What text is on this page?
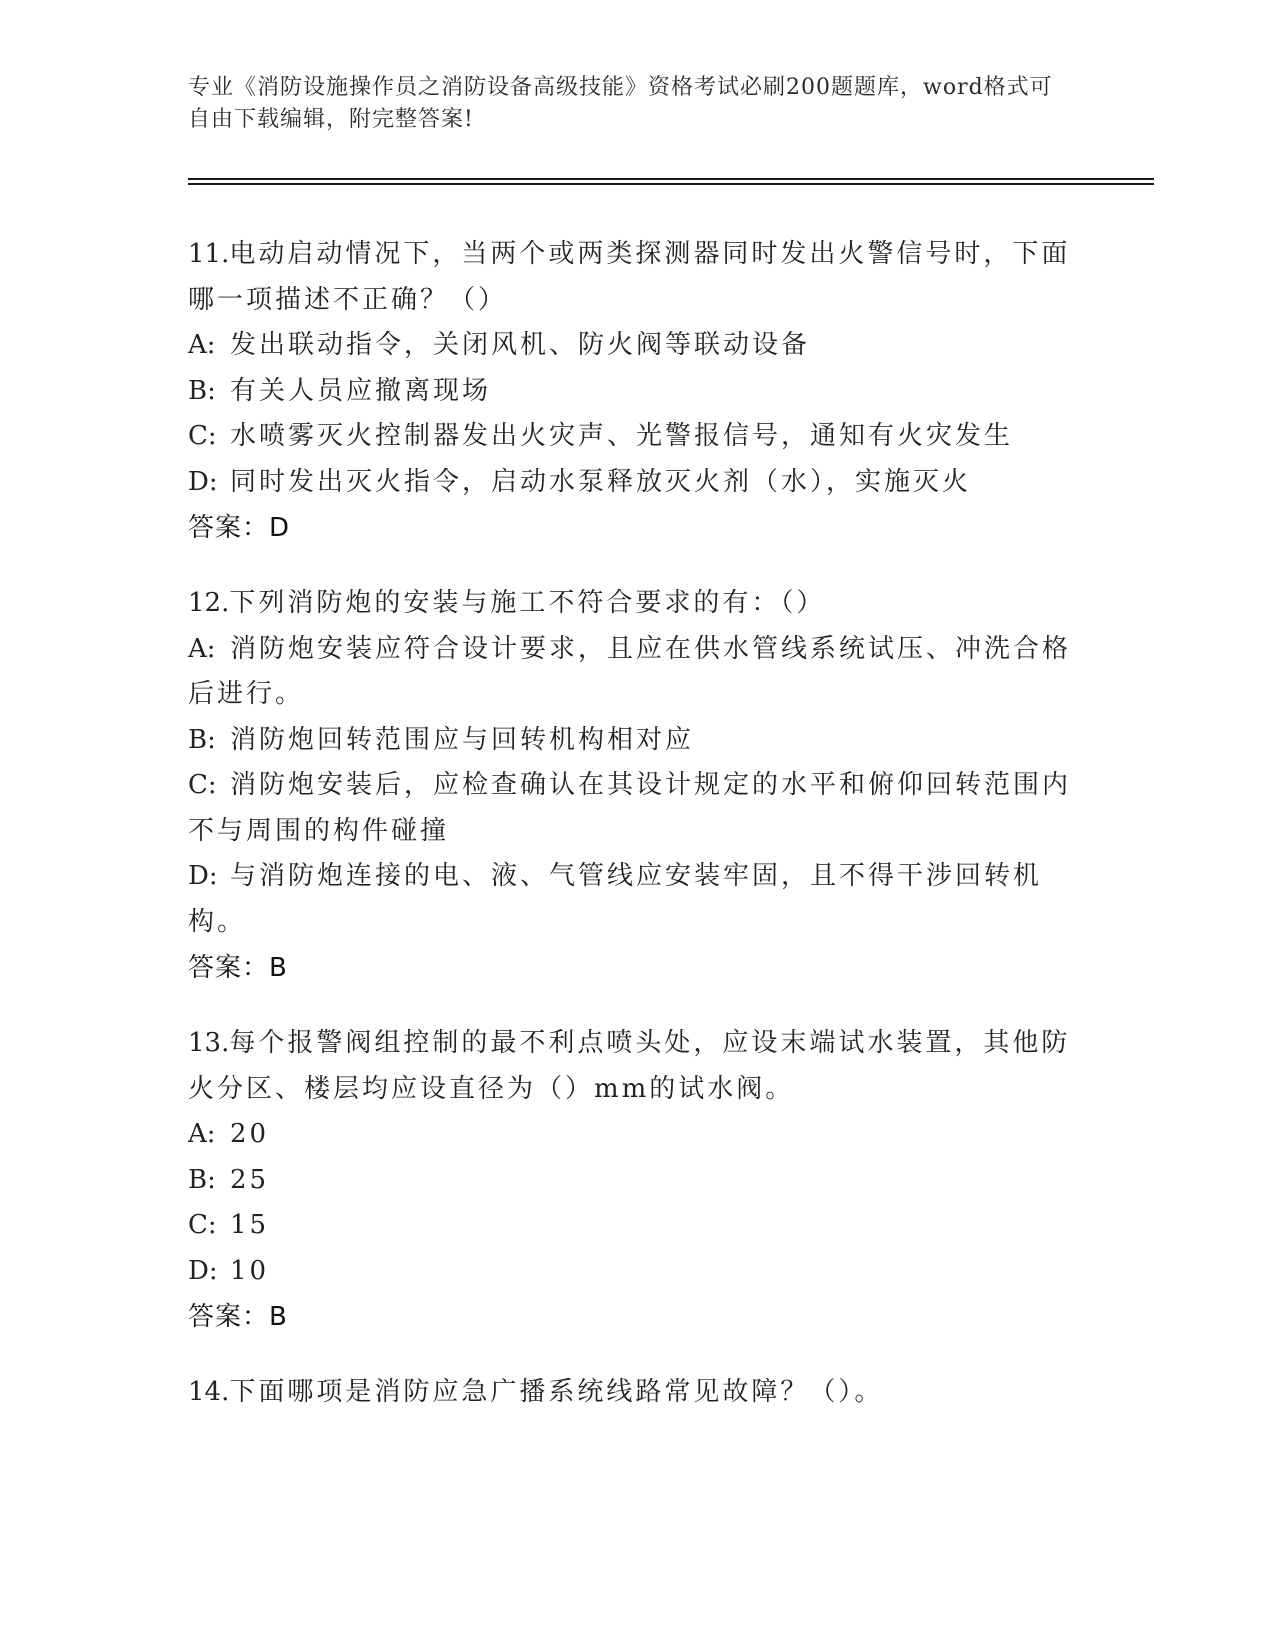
专业《消防设施操作员之消防设备高级技能》资格考试必刷200题题库，word格式可自由下载编辑，附完整答案!
11.电动启动情况下，当两个或两类探测器同时发出火警信号时，下面哪一项描述不正确？（）
A: 发出联动指令，关闭风机、防火阀等联动设备
B: 有关人员应撤离现场
C: 水喷雾灭火控制器发出火灾声、光警报信号，通知有火灾发生
D: 同时发出灭火指令，启动水泵释放灭火剂（水），实施灭火
答案：D
12.下列消防炮的安装与施工不符合要求的有：（）
A: 消防炮安装应符合设计要求，且应在供水管线系统试压、冲洗合格后进行。
B: 消防炮回转范围应与回转机构相对应
C: 消防炮安装后，应检查确认在其设计规定的水平和俯仰回转范围内不与周围的构件碰撞
D: 与消防炮连接的电、液、气管线应安装牢固，且不得干涉回转机构。
答案：B
13.每个报警阀组控制的最不利点喷头处，应设末端试水装置，其他防火分区、楼层均应设直径为（）mm的试水阀。
A: 20
B: 25
C: 15
D: 10
答案：B
14.下面哪项是消防应急广播系统线路常见故障？（）。
